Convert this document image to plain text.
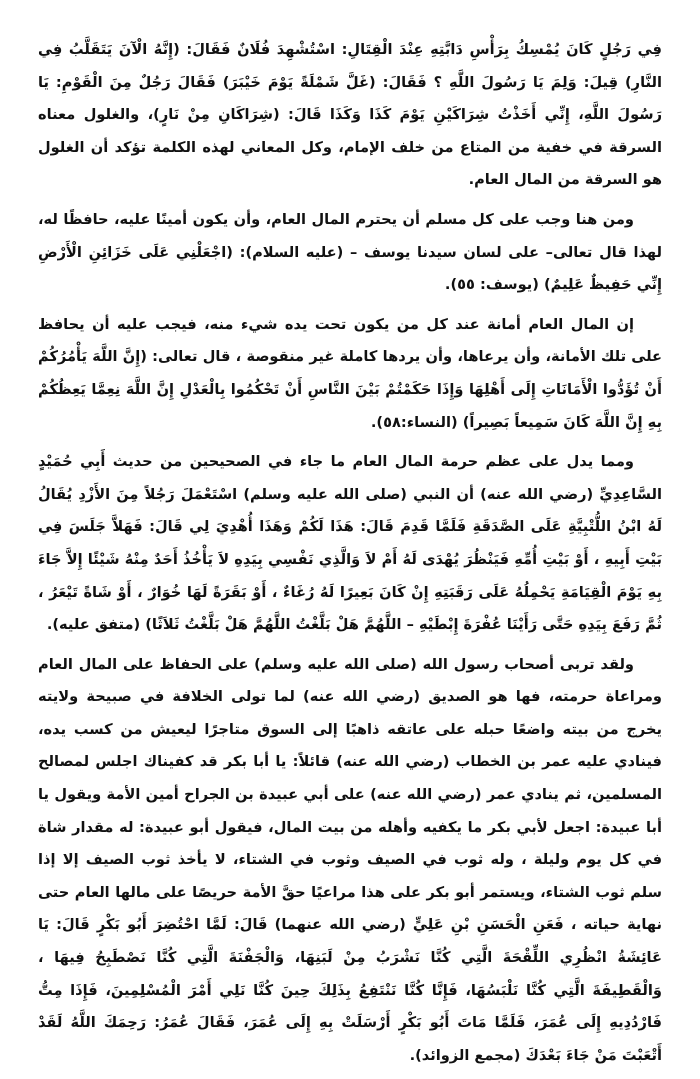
فِي رَجُلٍ كَانَ يُمْسِكُ بِرَأْسِ دَابَّتِهِ عِنْدَ الْقِتَالِ: اسْتُشْهِدَ فُلَانٌ فَقَالَ: (إِنَّهُ الْآنَ يَتَقَلَّبُ فِي النَّارِ) قِيلَ: وَلِمَ يَا رَسُولَ اللَّهِ ؟ فَقَالَ: (غَلَّ شَمْلَةً يَوْمَ خَيْبَرَ) فَقَالَ رَجُلٌ مِنَ الْقَوْمِ: يَا رَسُولَ اللَّهِ، إِنِّي أَخَذْتُ شِرَاكَيْنِ يَوْمَ كَذَا وَكَذَا قَالَ: (شِرَاكَانِ مِنْ نَارٍ)، والغلول معناه السرقة في خفية من المتاع من خلف الإمام، وكل المعاني لهذه الكلمة تؤكد أن الغلول هو السرقة من المال العام.

ومن هنا وجب على كل مسلم أن يحترم المال العام، وأن يكون أمينًا عليه، حافظًا له، لهذا قال تعالى– على لسان سيدنا يوسف – (عليه السلام): (اجْعَلْنِي عَلَى خَزَائِنِ الْأَرْضِ إِنِّي حَفِيظٌ عَلِيمٌ) (يوسف: ٥٥).

إن المال العام أمانة عند كل من يكون تحت يده شيء منه، فيجب عليه أن يحافظ على تلك الأمانة، وأن يرعاها، وأن يردها كاملة غير منقوصة ، قال تعالى: (إِنَّ اللَّهَ يَأْمُرُكُمْ أَنْ تُؤَدُّوا الْأَمَانَاتِ إِلَى أَهْلِهَا وَإِذَا حَكَمْتُمْ بَيْنَ النَّاسِ أَنْ تَحْكُمُوا بِالْعَدْلِ إِنَّ اللَّهَ نِعِمَّا يَعِظُكُمْ بِهِ إِنَّ اللَّهَ كَانَ سَمِيعاً بَصِيراً) (النساء:٥٨).

ومما يدل على عظم حرمة المال العام ما جاء في الصحيحين من حديث أَبِي حُمَيْدٍ السَّاعِدِيِّ (رضي الله عنه) أن النبي (صلى الله عليه وسلم) اسْتَعْمَلَ رَجُلاً مِنَ الأَزْدِ يُقَالُ لَهُ ابْنُ اللُّتْبِيَّةِ عَلَى الصَّدَقَةِ فَلَمَّا قَدِمَ قَالَ: هَذَا لَكُمْ وَهَذَا أُهْدِيَ لِي قَالَ: فَهَلاَّ جَلَسَ فِي بَيْتِ أَبِيهِ ، أَوْ بَيْتِ أُمِّهِ فَيَنْظُرَ يُهْدَى لَهُ أَمْ لاَ وَالَّذِي نَفْسِي بِيَدِهِ لاَ يَأْخُذُ أَحَدٌ مِنْهُ شَيْئًا إِلاَّ جَاءَ بِهِ يَوْمَ الْقِيَامَةِ يَحْمِلُهُ عَلَى رَقَبَتِهِ إِنْ كَانَ بَعِيرًا لَهُ رُغَاءٌ ، أَوْ بَقَرَةً لَهَا خُوَارٌ ، أَوْ شَاةً تَيْعَرُ ، ثُمَّ رَفَعَ بِيَدِهِ حَتَّى رَأَيْنَا عُفْرَةَ إِبْطَيْهِ – اللَّهُمَّ هَلْ بَلَّغْتُ اللَّهُمَّ هَلْ بَلَّغْتُ ثَلاَثًا) (متفق عليه).

ولقد تربى أصحاب رسول الله (صلى الله عليه وسلم) على الحفاظ على المال العام ومراعاة حرمته، فها هو الصديق (رضي الله عنه) لما تولى الخلافة في صبيحة ولايته يخرج من بيته واضعًا حبله على عاتقه ذاهبًا إلى السوق متاجرًا ليعيش من كسب يده، فينادي عليه عمر بن الخطاب (رضي الله عنه) قائلاً: يا أبا بكر قد كفيناك اجلس لمصالح المسلمين، ثم ينادي عمر (رضي الله عنه) على أبي عبيدة بن الجراح أمين الأمة ويقول يا أبا عبيدة: اجعل لأبي بكر ما يكفيه وأهله من بيت المال، فيقول أبو عبيدة: له مقدار شاة في كل يوم وليلة ، وله ثوب في الصيف وثوب في الشتاء، لا يأخذ ثوب الصيف إلا إذا سلم ثوب الشتاء، ويستمر أبو بكر على هذا مراعيًا حقَّ الأمة حريصًا على مالها العام حتى نهاية حياته ، فَعَنِ الْحَسَنِ بْنِ عَلِيٍّ (رضي الله عنهما) قَالَ: لَمَّا احْتُضِرَ أَبُو بَكْرٍ قَالَ: يَا عَائِشَةُ انْظُرِي اللِّقْحَةَ الَّتِي كُنَّا نَشْرَبُ مِنْ لَبَنِهَا، وَالْجَفْنَةَ الَّتِي كُنَّا نَصْطَبِحُ فِيهَا ، وَالْقَطِيفَةَ الَّتِي كُنَّا نَلْبَسُهَا، فَإِنَّا كُنَّا نَنْتَفِعُ بِذَلِكَ حِينَ كُنَّا نَلِي أَمْرَ الْمُسْلِمِينَ، فَإِذَا مِتُّ فَارْدُدِيهِ إِلَى عُمَرَ، فَلَمَّا مَاتَ أَبُو بَكْرٍ أَرْسَلَتْ بِهِ إِلَى عُمَرَ، فَقَالَ عُمَرُ: رَحِمَكَ اللَّهُ لَقَدْ أَتْعَبْتَ مَنْ جَاءَ بَعْدَكَ (مجمع الزوائد).
